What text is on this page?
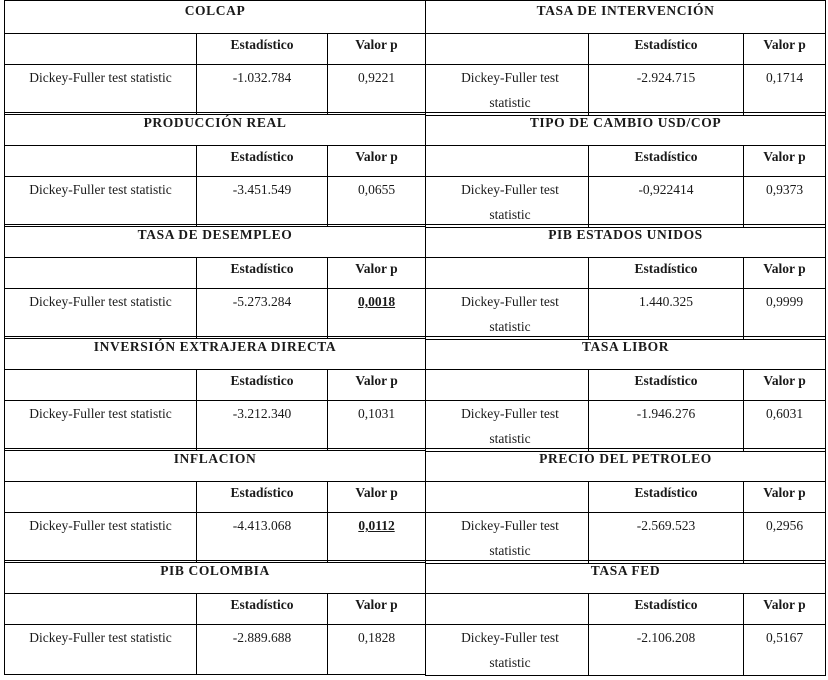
COLCAP		

	Estadístico	Valor p

Dickey-Fuller test statistic	-1.032.784	0,9221
TASA DE INTERVENCIÓN		

	Estadístico	Valor p

Dickey-Fuller test statistic	-2.924.715	0,1714
PRODUCCIÓN REAL		

	Estadístico	Valor p

Dickey-Fuller test statistic	-3.451.549	0,0655
TIPO DE CAMBIO USD/COP		

	Estadístico	Valor p

Dickey-Fuller test statistic	-0,922414	0,9373
TASA DE DESEMPLEO		

	Estadístico	Valor p

Dickey-Fuller test statistic	-5.273.284	0,0018
PIB ESTADOS UNIDOS		

	Estadístico	Valor p

Dickey-Fuller test statistic	1.440.325	0,9999
INVERSIÓN EXTRAJERA DIRECTA		

	Estadístico	Valor p

Dickey-Fuller test statistic	-3.212.340	0,1031
TASA LIBOR		

	Estadístico	Valor p

Dickey-Fuller test statistic	-1.946.276	0,6031
INFLACION		

	Estadístico	Valor p

Dickey-Fuller test statistic	-4.413.068	0,0112
PRECIO DEL PETROLEO		

	Estadístico	Valor p

Dickey-Fuller test statistic	-2.569.523	0,2956
PIB COLOMBIA		

	Estadístico	Valor p

Dickey-Fuller test statistic	-2.889.688	0,1828
TASA FED		

	Estadístico	Valor p

Dickey-Fuller test statistic	-2.106.208	0,5167
